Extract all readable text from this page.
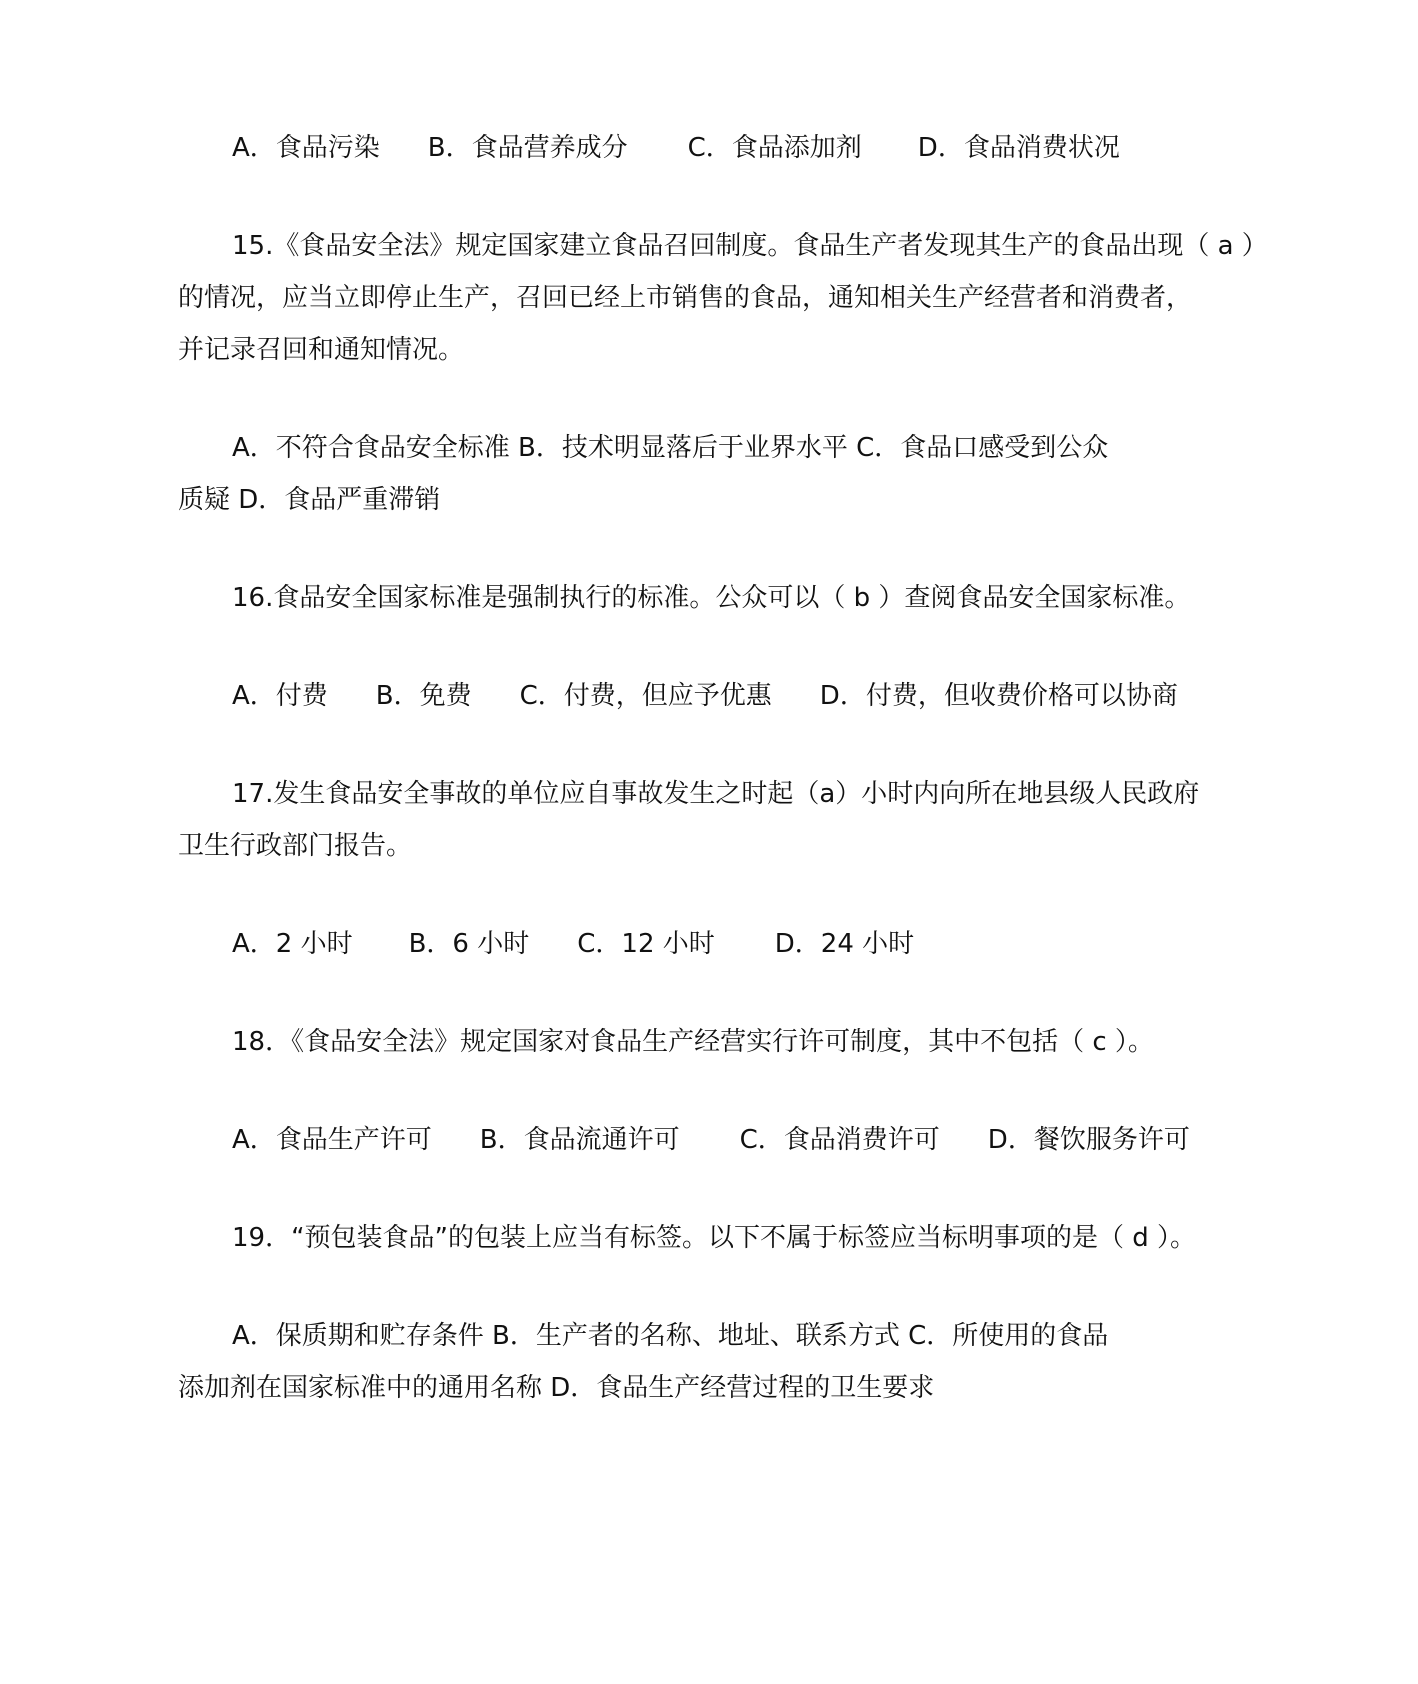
A．食品污染 B．食品营养成分 C．食品添加剂 D．食品消费状况
15.《食品安全法》规定国家建立食品召回制度。食品生产者发现其生产的食品出现（ a ）
的情况，应当立即停止生产，召回已经上市销售的食品，通知相关生产经营者和消费者，
并记录召回和通知情况。
A．不符合食品安全标准 B．技术明显落后于业界水平 C．食品口感受到公众
质疑 D．食品严重滞销
16.食品安全国家标准是强制执行的标准。公众可以（ b ）查阅食品安全国家标准。
A．付费 B．免费 C．付费，但应予优惠 D．付费，但收费价格可以协商
17.发生食品安全事故的单位应自事故发生之时起（a）小时内向所在地县级人民政府
卫生行政部门报告。
A．2 小时 B．6 小时 C．12 小时 D．24 小时
18．《食品安全法》规定国家对食品生产经营实行许可制度，其中不包括（ c ）。
A．食品生产许可 B．食品流通许可 C．食品消费许可 D．餐饮服务许可
19．“预包装食品”的包装上应当有标签。以下不属于标签应当标明事项的是（ d ）。
A．保质期和贮存条件 B．生产者的名称、地址、联系方式 C．所使用的食品
添加剂在国家标准中的通用名称 D．食品生产经营过程的卫生要求
